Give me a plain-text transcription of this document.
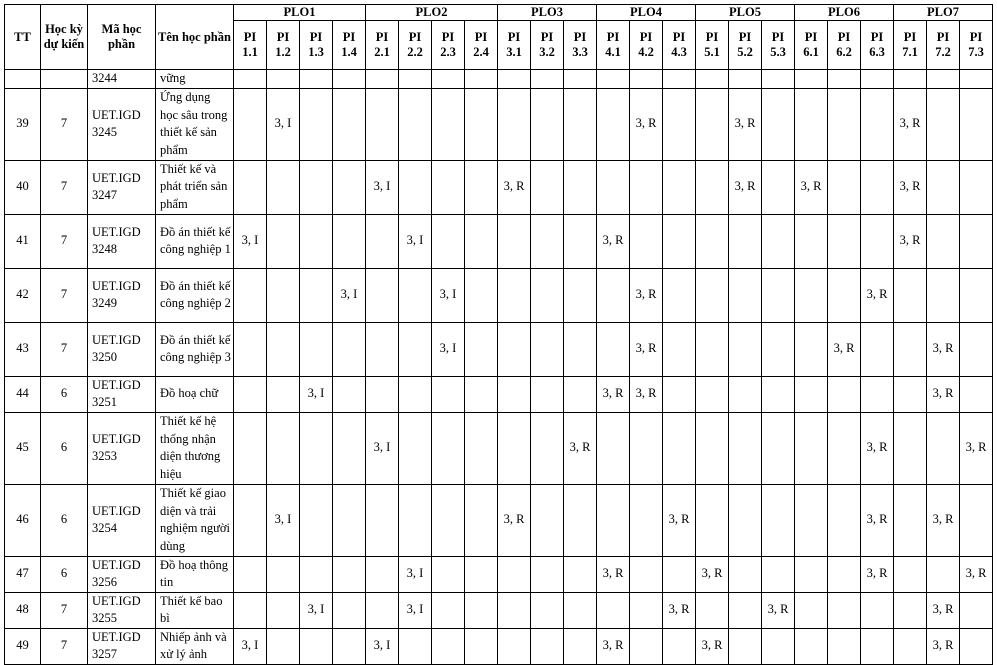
TT	Học kỳ dự kiến	Mã học phần	Tên học phần	PLO1				PLO2				PLO3			PLO4			PLO5			PLO6			PLO7		
				PI 1.1	PI 1.2	PI 1.3	PI 1.4	PI 2.1	PI 2.2	PI 2.3	PI 2.4	PI 3.1	PI 3.2	PI 3.3	PI 4.1	PI 4.2	PI 4.3	PI 5.1	PI 5.2	PI 5.3	PI 6.1	PI 6.2	PI 6.3	PI 7.1	PI 7.2	PI 7.3
		3244	vững																							
39	7	UET.IGD 3245	Ứng dụng học sâu trong thiết kế sản phẩm		3, I											3, R			3, R					3, R		
40	7	UET.IGD 3247	Thiết kế và phát triển sản phẩm					3, I				3, R							3, R		3, R			3, R		
41	7	UET.IGD 3248	Đồ án thiết kế công nghiệp 1	3, I					3, I						3, R									3, R		
42	7	UET.IGD 3249	Đồ án thiết kế công nghiệp 2				3, I			3, I						3, R							3, R			
43	7	UET.IGD 3250	Đồ án thiết kế công nghiệp 3							3, I						3, R						3, R			3, R	
44	6	UET.IGD 3251	Đồ hoạ chữ			3, I									3, R	3, R									3, R	
45	6	UET.IGD 3253	Thiết kế hệ thống nhận diện thương hiệu					3, I						3, R									3, R			3, R
46	6	UET.IGD 3254	Thiết kế giao diện và trải nghiệm người dùng		3, I							3, R					3, R						3, R		3, R	
47	6	UET.IGD 3256	Đồ hoạ thông tin						3, I						3, R			3, R					3, R			3, R
48	7	UET.IGD 3255	Thiết kế bao bì			3, I			3, I								3, R			3, R					3, R	
49	7	UET.IGD 3257	Nhiếp ảnh và xử lý ảnh	3, I				3, I							3, R			3, R							3, R	
